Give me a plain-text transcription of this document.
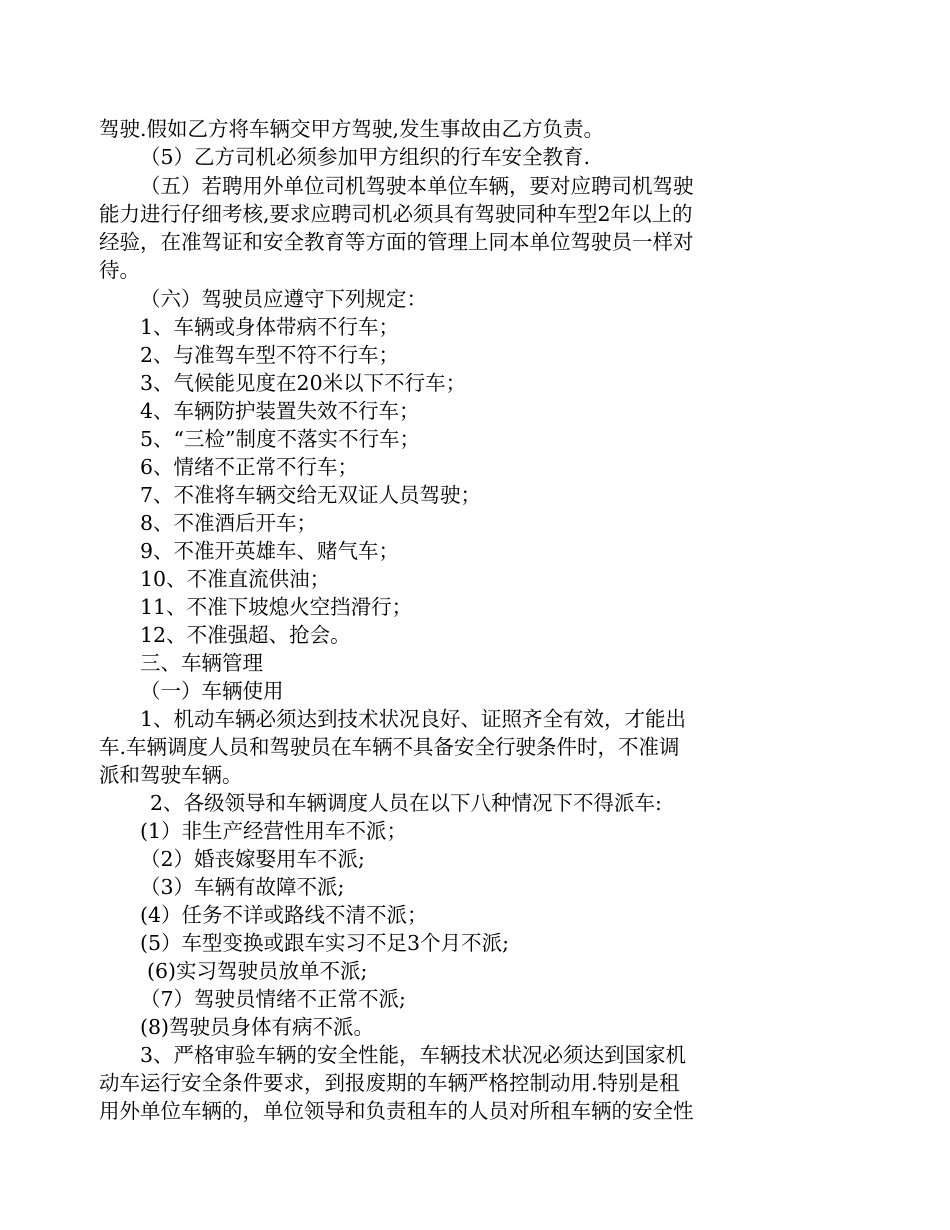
驾驶.假如乙方将车辆交甲方驾驶,发生事故由乙方负责。
（5）乙方司机必须参加甲方组织的行车安全教育.
（五）若聘用外单位司机驾驶本单位车辆，要对应聘司机驾驶
能力进行仔细考核,要求应聘司机必须具有驾驶同种车型2年以上的
经验，在准驾证和安全教育等方面的管理上同本单位驾驶员一样对
待。
（六）驾驶员应遵守下列规定：
1、车辆或身体带病不行车；
2、与准驾车型不符不行车；
3、气候能见度在20米以下不行车；
4、车辆防护装置失效不行车；
5、“三检”制度不落实不行车；
6、情绪不正常不行车；
7、不准将车辆交给无双证人员驾驶；
8、不准酒后开车；
9、不准开英雄车、赌气车；
10、不准直流供油；
11、不准下坡熄火空挡滑行；
12、不准强超、抢会。
三、车辆管理
（一）车辆使用
1、机动车辆必须达到技术状况良好、证照齐全有效，才能出
车.车辆调度人员和驾驶员在车辆不具备安全行驶条件时，不准调
派和驾驶车辆。
2、各级领导和车辆调度人员在以下八种情况下不得派车:
(1）非生产经营性用车不派；
（2）婚丧嫁娶用车不派;
（3）车辆有故障不派;
(4）任务不详或路线不清不派；
(5）车型变换或跟车实习不足3个月不派;
(6)实习驾驶员放单不派;
（7）驾驶员情绪不正常不派;
(8)驾驶员身体有病不派。
3、严格审验车辆的安全性能，车辆技术状况必须达到国家机
动车运行安全条件要求，到报废期的车辆严格控制动用.特别是租
用外单位车辆的，单位领导和负责租车的人员对所租车辆的安全性
